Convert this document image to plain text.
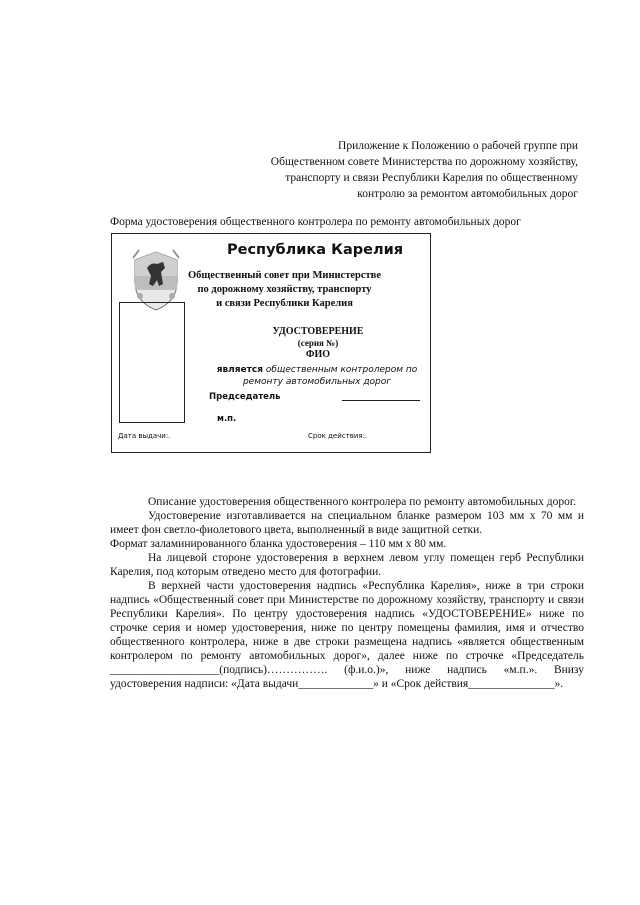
Приложение к Положению о рабочей группе при
Общественном совете Министерства по дорожному хозяйству,
транспорту и связи Республики Карелия по общественному
контролю за ремонтом автомобильных дорог
Форма удостоверения общественного контролера по ремонту автомобильных дорог
Республика Карелия
Общественный совет при Министерстве
по дорожному хозяйству, транспорту
и связи Республики Карелия
УДОСТОВЕРЕНИЕ
(серия №)
ФИО
является общественным контролером по
ремонту автомобильных дорог
Председатель
м.п.
Дата выдачи:.	Срок действия:.

Описание удостоверения общественного контролера по ремонту автомобильных дорог.

Удостоверение изготавливается на специальном бланке размером 103 мм х 70 мм и имеет фон светло-фиолетового цвета, выполненный в виде защитной сетки.

Формат заламинированного бланка удостоверения – 110 мм х 80 мм.

На лицевой стороне удостоверения в верхнем левом углу помещен герб Республики Карелия, под которым отведено место для фотографии.

В верхней части удостоверения надпись «Республика Карелия», ниже в три строки надпись «Общественный совет при Министерстве по дорожному хозяйству, транспорту и связи Республики Карелия». По центру удостоверения надпись «УДОСТОВЕРЕНИЕ» ниже по строчке серия и номер удостоверения, ниже по центру помещены фамилия, имя и отчество общественного контролера, ниже в две строки размещена надпись «является общественным контролером по ремонту автомобильных дорог», далее ниже по строчке «Председатель ___________________(подпись)……………. (ф.и.о.)», ниже надпись «м.п.». Внизу удостоверения надписи: «Дата выдачи_____________» и «Срок действия_______________».
